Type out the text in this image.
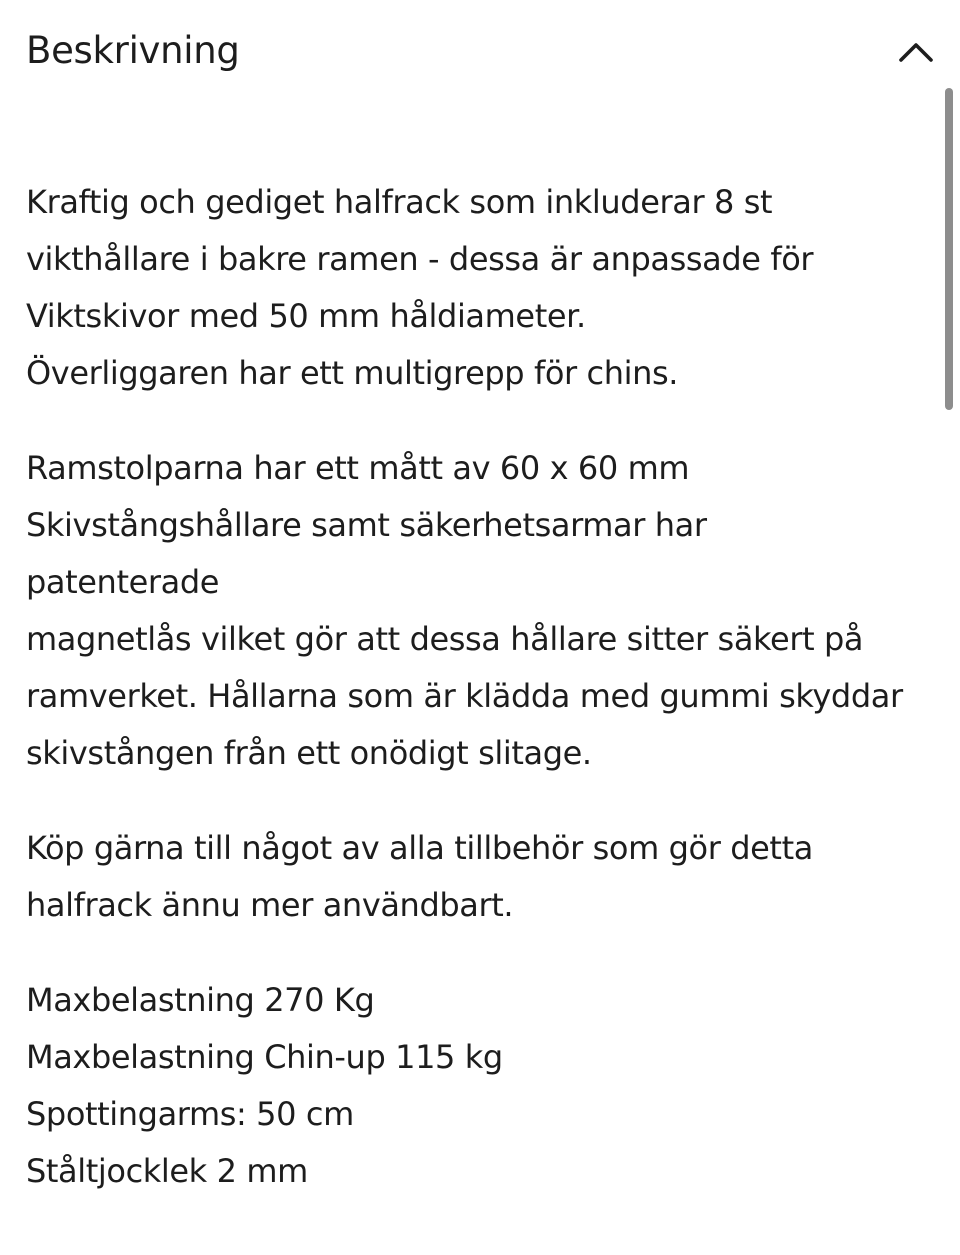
Beskrivning
Kraftig och gediget halfrack som inkluderar 8 st
vikthållare i bakre ramen - dessa är anpassade för
Viktskivor med 50 mm håldiameter.
Överliggaren har ett multigrepp för chins.
Ramstolparna har ett mått av 60 x 60 mm
Skivstångshållare samt säkerhetsarmar har
patenterade
magnetlås vilket gör att dessa hållare sitter säkert på
ramverket. Hållarna som är klädda med gummi skyddar
skivstången från ett onödigt slitage.
Köp gärna till något av alla tillbehör som gör detta
halfrack ännu mer användbart.
Maxbelastning 270 Kg
Maxbelastning Chin-up 115 kg
Spottingarms: 50 cm
Ståltjocklek 2 mm
